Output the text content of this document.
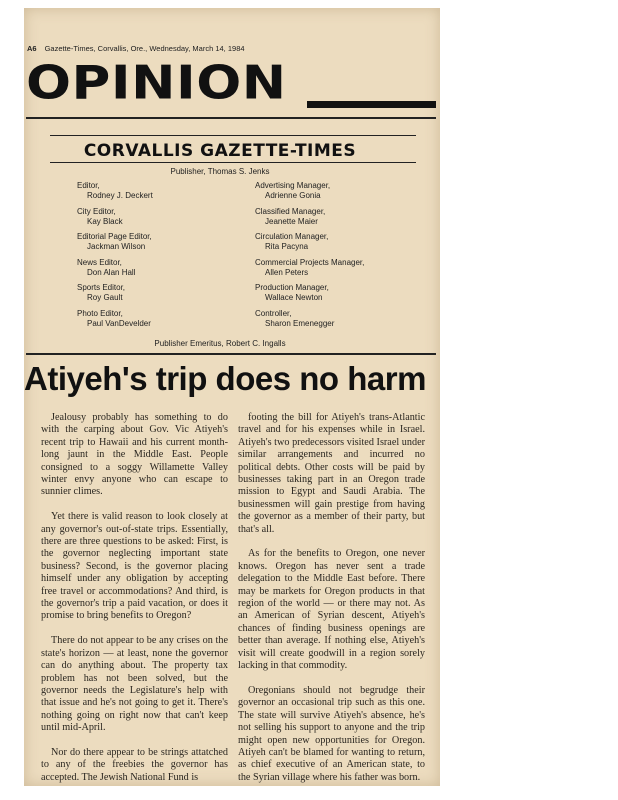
A6 Gazette-Times, Corvallis, Ore., Wednesday, March 14, 1984
OPINION
CORVALLIS GAZETTE-TIMES
Publisher, Thomas S. Jenks
Editor,
Rodney J. Deckert
City Editor,
Kay Black
Editorial Page Editor,
Jackman Wilson
News Editor,
Don Alan Hall
Sports Editor,
Roy Gault
Photo Editor,
Paul VanDevelder
Advertising Manager,
Adrienne Gonia
Classified Manager,
Jeanette Maier
Circulation Manager,
Rita Pacyna
Commercial Projects Manager,
Allen Peters
Production Manager,
Wallace Newton
Controller,
Sharon Emenegger
Publisher Emeritus, Robert C. Ingalls
Atiyeh's trip does no harm

Jealousy probably has something to do with the carping about Gov. Vic Atiyeh's recent trip to Hawaii and his current month-long jaunt in the Middle East. People consigned to a soggy Willamette Valley winter envy anyone who can escape to sunnier climes.

Yet there is valid reason to look closely at any governor's out-of-state trips. Essentially, there are three questions to be asked: First, is the governor neglecting important state business? Second, is the governor placing himself under any obligation by accepting free travel or accommodations? And third, is the governor's trip a paid vacation, or does it promise to bring benefits to Oregon?

There do not appear to be any crises on the state's horizon — at least, none the governor can do anything about. The property tax problem has not been solved, but the governor needs the Legislature's help with that issue and he's not going to get it. There's nothing going on right now that can't keep until mid-April.

Nor do there appear to be strings attatched to any of the freebies the governor has accepted. The Jewish National Fund is

footing the bill for Atiyeh's trans-Atlantic travel and for his expenses while in Israel. Atiyeh's two predecessors visited Israel under similar arrangements and incurred no political debts. Other costs will be paid by businesses taking part in an Oregon trade mission to Egypt and Saudi Arabia. The businessmen will gain prestige from having the governor as a member of their party, but that's all.

As for the benefits to Oregon, one never knows. Oregon has never sent a trade delegation to the Middle East before. There may be markets for Oregon products in that region of the world — or there may not. As an American of Syrian descent, Atiyeh's chances of finding business openings are better than average. If nothing else, Atiyeh's visit will create goodwill in a region sorely lacking in that commodity.

Oregonians should not begrudge their governor an occasional trip such as this one. The state will survive Atiyeh's absence, he's not selling his support to anyone and the trip might open new opportunities for Oregon. Atiyeh can't be blamed for wanting to return, as chief executive of an American state, to the Syrian village where his father was born.
